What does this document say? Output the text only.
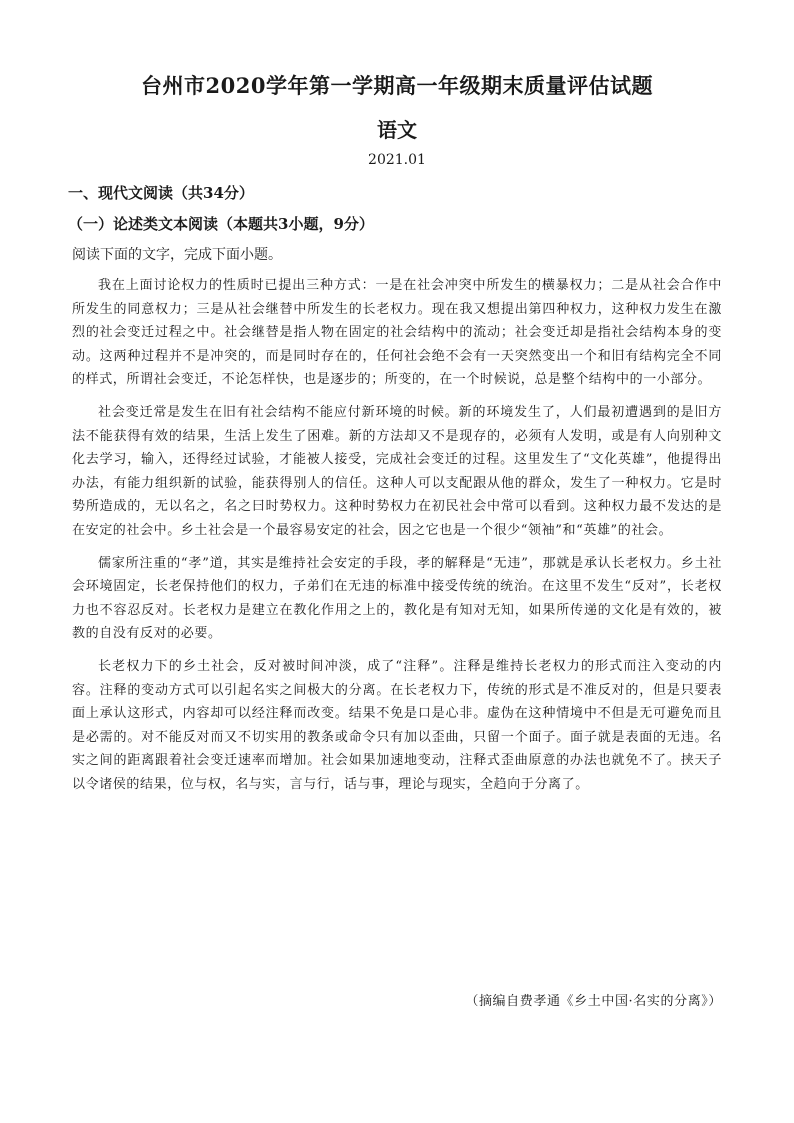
台州市2020学年第一学期高一年级期末质量评估试题
语文
2021.01
一、现代文阅读（共34分）
（一）论述类文本阅读（本题共3小题，9分）
阅读下面的文字，完成下面小题。

我在上面讨论权力的性质时已提出三种方式：一是在社会冲突中所发生的横暴权力；二是从社会合作中所发生的同意权力；三是从社会继替中所发生的长老权力。现在我又想提出第四种权力，这种权力发生在激烈的社会变迁过程之中。社会继替是指人物在固定的社会结构中的流动；社会变迁却是指社会结构本身的变动。这两种过程并不是冲突的，而是同时存在的，任何社会绝不会有一天突然变出一个和旧有结构完全不同的样式，所谓社会变迁，不论怎样快，也是逐步的；所变的，在一个时候说，总是整个结构中的一小部分。

社会变迁常是发生在旧有社会结构不能应付新环境的时候。新的环境发生了，人们最初遭遇到的是旧方法不能获得有效的结果，生活上发生了困难。新的方法却又不是现存的，必须有人发明，或是有人向别种文化去学习，输入，还得经过试验，才能被人接受，完成社会变迁的过程。这里发生了“文化英雄”，他提得出办法，有能力组织新的试验，能获得别人的信任。这种人可以支配跟从他的群众，发生了一种权力。它是时势所造成的，无以名之，名之曰时势权力。这种时势权力在初民社会中常可以看到。这种权力最不发达的是在安定的社会中。乡土社会是一个最容易安定的社会，因之它也是一个很少“领袖”和“英雄”的社会。

儒家所注重的“孝”道，其实是维持社会安定的手段，孝的解释是“无违”，那就是承认长老权力。乡土社会环境固定，长老保持他们的权力，子弟们在无违的标准中接受传统的统治。在这里不发生“反对”，长老权力也不容忍反对。长老权力是建立在教化作用之上的，教化是有知对无知，如果所传递的文化是有效的，被教的自没有反对的必要。

长老权力下的乡土社会，反对被时间冲淡，成了“注释”。注释是维持长老权力的形式而注入变动的内容。注释的变动方式可以引起名实之间极大的分离。在长老权力下，传统的形式是不准反对的，但是只要表面上承认这形式，内容却可以经注释而改变。结果不免是口是心非。虚伪在这种情境中不但是无可避免而且是必需的。对不能反对而又不切实用的教条或命令只有加以歪曲，只留一个面子。面子就是表面的无违。名实之间的距离跟着社会变迁速率而增加。社会如果加速地变动，注释式歪曲原意的办法也就免不了。挟天子以令诸侯的结果，位与权，名与实，言与行，话与事，理论与现实，全趋向于分离了。

（摘编自费孝通《乡土中国·名实的分离》）
